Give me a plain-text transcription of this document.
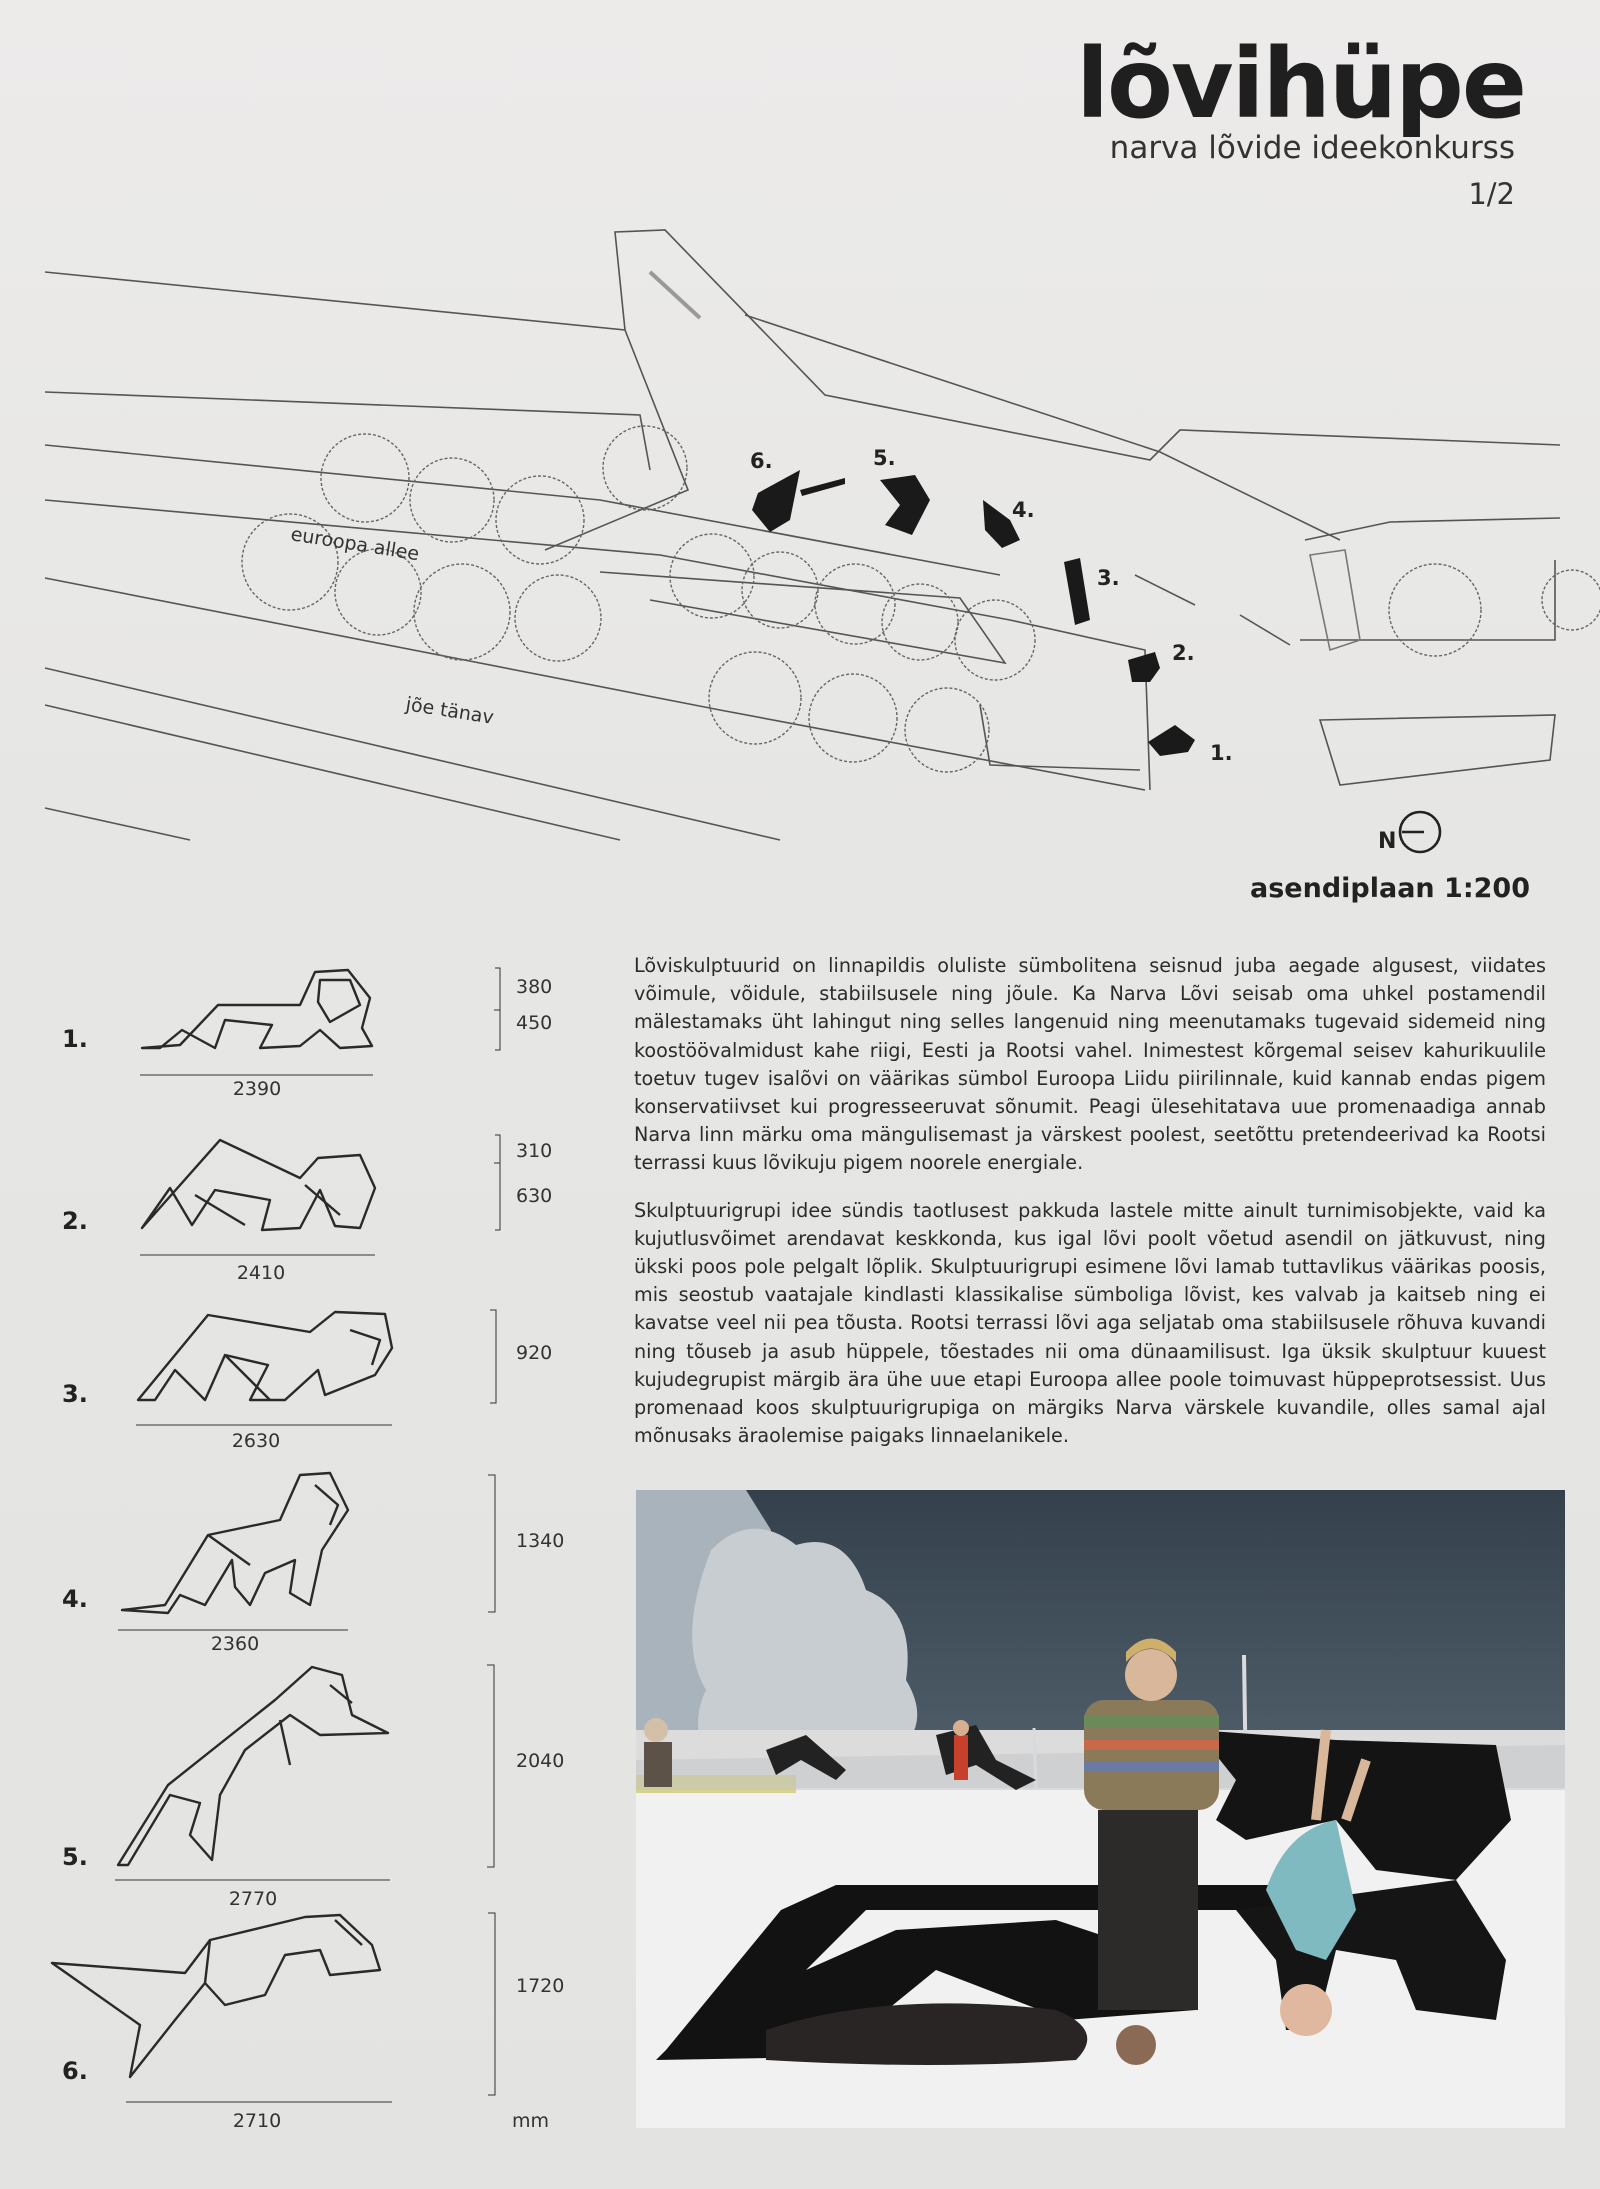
lõvihüpe
narva lõvide ideekonkurss
1/2
euroopa allee
jõe tänav
1.
2.
3.
4.
5.
6.
N
asendiplaan 1:200

Lõviskulptuurid on linnapildis oluliste sümbolitena seisnud juba aegade algusest, viidates võimule, võidule, stabiilsusele ning jõule. Ka Narva Lõvi seisab oma uhkel postamendil mälestamaks üht lahingut ning selles langenuid ning meenutamaks tugevaid sidemeid ning koostöövalmidust kahe riigi, Eesti ja Rootsi vahel. Inimestest kõrgemal seisev kahurikuulile toetuv tugev isalõvi on väärikas sümbol Euroopa Liidu piirilinnale, kuid kannab endas pigem konservatiivset kui progresseeruvat sõnumit. Peagi ülesehitatava uue promenaadiga annab Narva linn märku oma mängulisemast ja värskest poolest, seetõttu pretendeerivad ka Rootsi terrassi kuus lõvikuju pigem noorele energiale.

Skulptuurigrupi idee sündis taotlusest pakkuda lastele mitte ainult turnimisobjekte, vaid ka kujutlusvõimet arendavat keskkonda, kus igal lõvi poolt võetud asendil on jätkuvust, ning ükski poos pole pelgalt lõplik. Skulptuurigrupi esimene lõvi lamab tuttavlikus väärikas poosis, mis seostub vaatajale kindlasti klassikalise sümboliga lõvist, kes valvab ja kaitseb ning ei kavatse veel nii pea tõusta. Rootsi terrassi lõvi aga seljatab oma stabiilsusele rõhuva kuvandi ning tõuseb ja asub hüppele, tõestades nii oma dünaamilisust. Iga üksik skulptuur kuuest kujudegrupist märgib ära ühe uue etapi Euroopa allee poole toimuvast hüppeprotsessist. Uus promenaad koos skulptuurigrupiga on märgiks Narva värskele kuvandile, olles samal ajal mõnusaks äraolemise paigaks linnaelanikele.

1.
2390
380
450
2.
2410
310
630
3.
2630
920
4.
2360
1340
5.
2770
2040
6.
2710
1720
mm
